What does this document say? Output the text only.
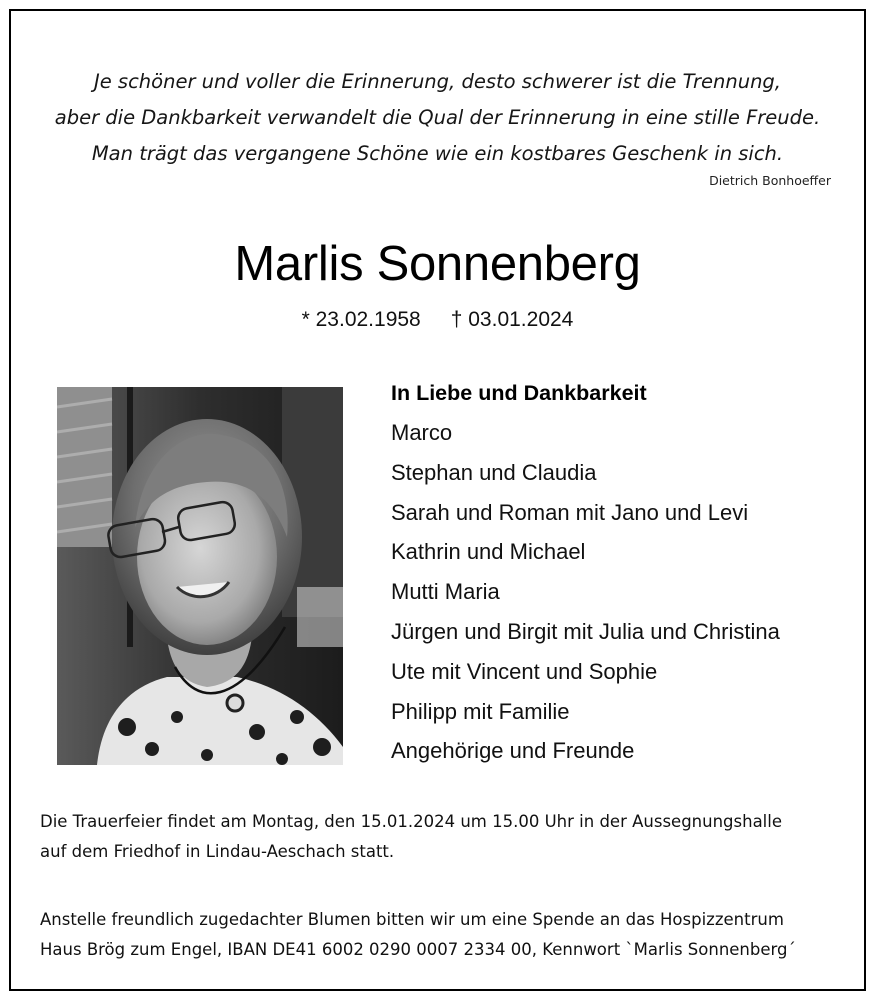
Je schöner und voller die Erinnerung, desto schwerer ist die Trennung,
aber die Dankbarkeit verwandelt die Qual der Erinnerung in eine stille Freude.
Man trägt das vergangene Schöne wie ein kostbares Geschenk in sich.
Dietrich Bonhoeffer
Marlis Sonnenberg
* 23.02.1958 † 03.01.2024
In Liebe und Dankbarkeit
Marco
Stephan und Claudia
Sarah und Roman mit Jano und Levi
Kathrin und Michael
Mutti Maria
Jürgen und Birgit mit Julia und Christina
Ute mit Vincent und Sophie
Philipp mit Familie
Angehörige und Freunde

Die Trauerfeier findet am Montag, den 15.01.2024 um 15.00 Uhr in der Aussegnungshalle

auf dem Friedhof in Lindau-Aeschach statt.

Anstelle freundlich zugedachter Blumen bitten wir um eine Spende an das Hospizzentrum

Haus Brög zum Engel, IBAN DE41 6002 0290 0007 2334 00, Kennwort `Marlis Sonnenberg´
